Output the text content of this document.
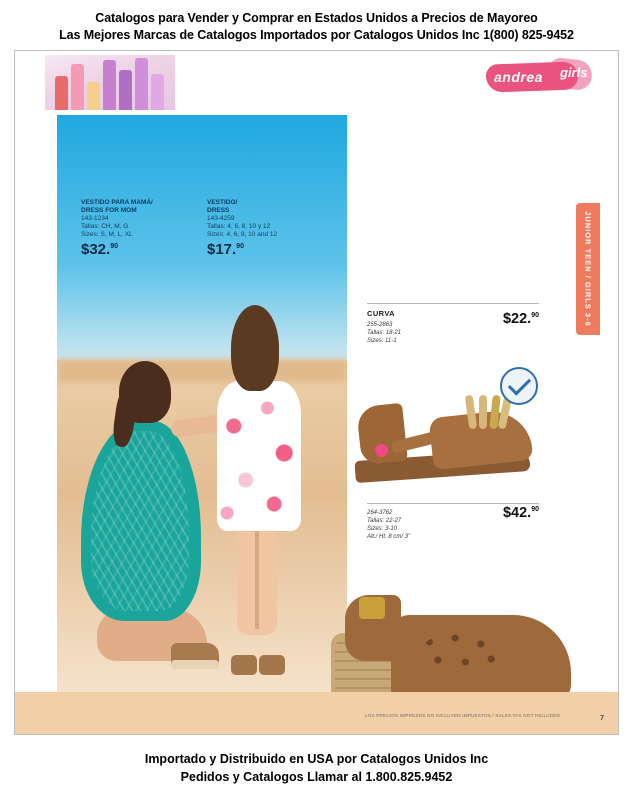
Catalogos para Vender y Comprar en Estados Unidos a Precios de Mayoreo
Las Mejores Marcas de Catalogos Importados por Catalogos Unidos Inc 1(800) 825-9452
andrea girls
VESTIDO PARA MAMÁ/
DRESS FOR MOM
143-1234
Tallas: CH, M, G
Sizes: S, M, L, XL
$32.90
VESTIDO/
DRESS
143-4259
Tallas: 4, 6, 8, 10 y 12
Sizes: 4, 6, 8, 10 and 12
$17.90	JUNIOR TEEN / GIRLS 3-6
CURVA
255-2863
Tallas: 18-21
Sizes: 11-1
$22.90
264-3762
Tallas: 22-27
Sizes: 3-10
Alt./ Ht. 8 cm/ 3"
$42.90
LOS PRECIOS IMPRESOS NO INCLUYEN IMPUESTOS / SALES TAX NOT INCLUDED	7
Importado y Distribuido en USA por Catalogos Unidos Inc
Pedidos y Catalogos Llamar al 1.800.825.9452
